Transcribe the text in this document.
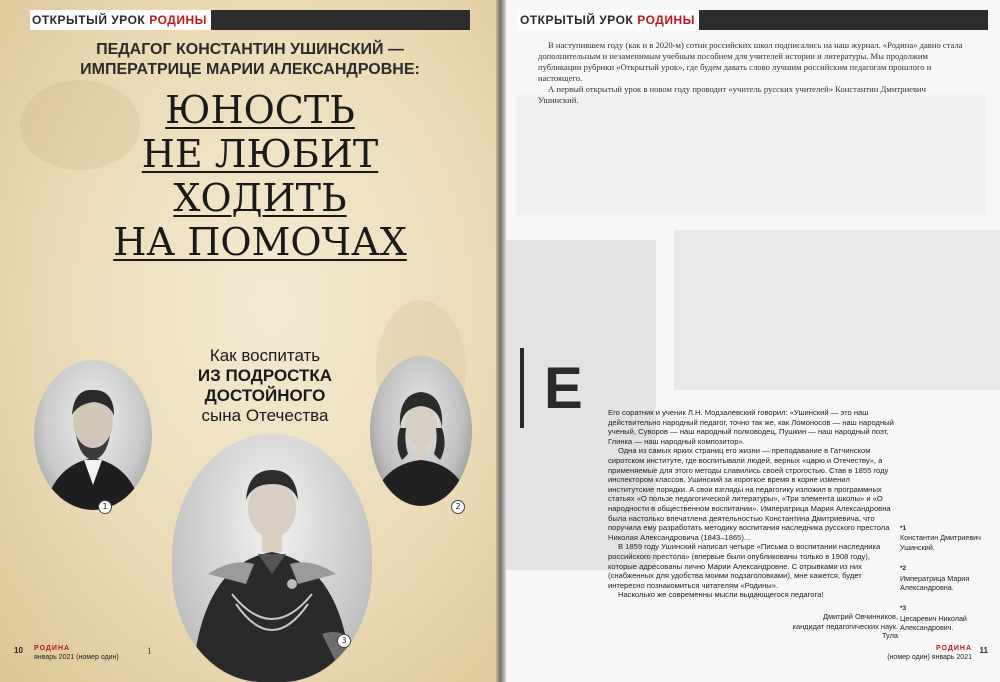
ОТКРЫТЫЙ УРОК РОДИНЫ
ПЕДАГОГ КОНСТАНТИН УШИНСКИЙ —
ИМПЕРАТРИЦЕ МАРИИ АЛЕКСАНДРОВНЕ:
ЮНОСТЬ
НЕ ЛЮБИТ
ХОДИТЬ
НА ПОМОЧАХ
Как воспитать
ИЗ ПОДРОСТКА
ДОСТОЙНОГО
сына Отечества
1	2
3
10 РОДИНА
январь 2021 (номер один)
1
ОТКРЫТЫЙ УРОК РОДИНЫ

В наступившем году (как и в 2020-м) сотни российских школ подписались на наш журнал. «Родина» давно стала дополнительным и незаменимым учебным пособием для учителей истории и литературы. Мы продолжим публикации рубрики «Открытый урок», где будем давать слово лучшим российским педагогам прошлого и настоящего.

А первый открытый урок в новом году проводит «учитель русских учителей» Константин Дмитриевич Ушинский.

Е	Его соратник и ученик Л.Н. Модзалевский говорил: «Ушинский — это наш действительно народный педагог, точно так же, как Ломоносов — наш народный ученый, Суворов — наш народный полководец, Пушкин — наш народный поэт, Глинка — наш народный композитор».

Одна из самых ярких страниц его жизни — преподавание в Гатчинском сиротском институте, где воспитывали людей, верных «царю и Отечеству», а применяемые для этого методы славились своей строгостью. Став в 1855 году инспектором классов, Ушинский за короткое время в корне изменил институтские порядки. А свои взгляды на педагогику изложил в программных статьях «О пользе педагогической литературы», «Три элемента школы» и «О народности в общественном воспитании». Императрица Мария Александровна была настолько впечатлена деятельностью Константина Дмитриевича, что поручила ему разработать методику воспитания наследника русского престола Николая Александровича (1843–1865)...

В 1859 году Ушинский написал четыре «Письма о воспитании наследника российского престола» (впервые были опубликованы только в 1908 году), которые адресованы лично Марии Александровне. С отрывками из них (снабженных для удобства моими подзаголовками), мне кажется, будет интересно познакомиться читателям «Родины».

Насколько же современны мысли выдающегося педагога!

Дмитрий Овчинников,
кандидат педагогических наук.
Тула
*1
Константин Дмитриевич Ушинский.
*2
Императрица Мария Александровна.
*3
Цесаревич Николай Александрович.
РОДИНА
(номер один) январь 2021
11
